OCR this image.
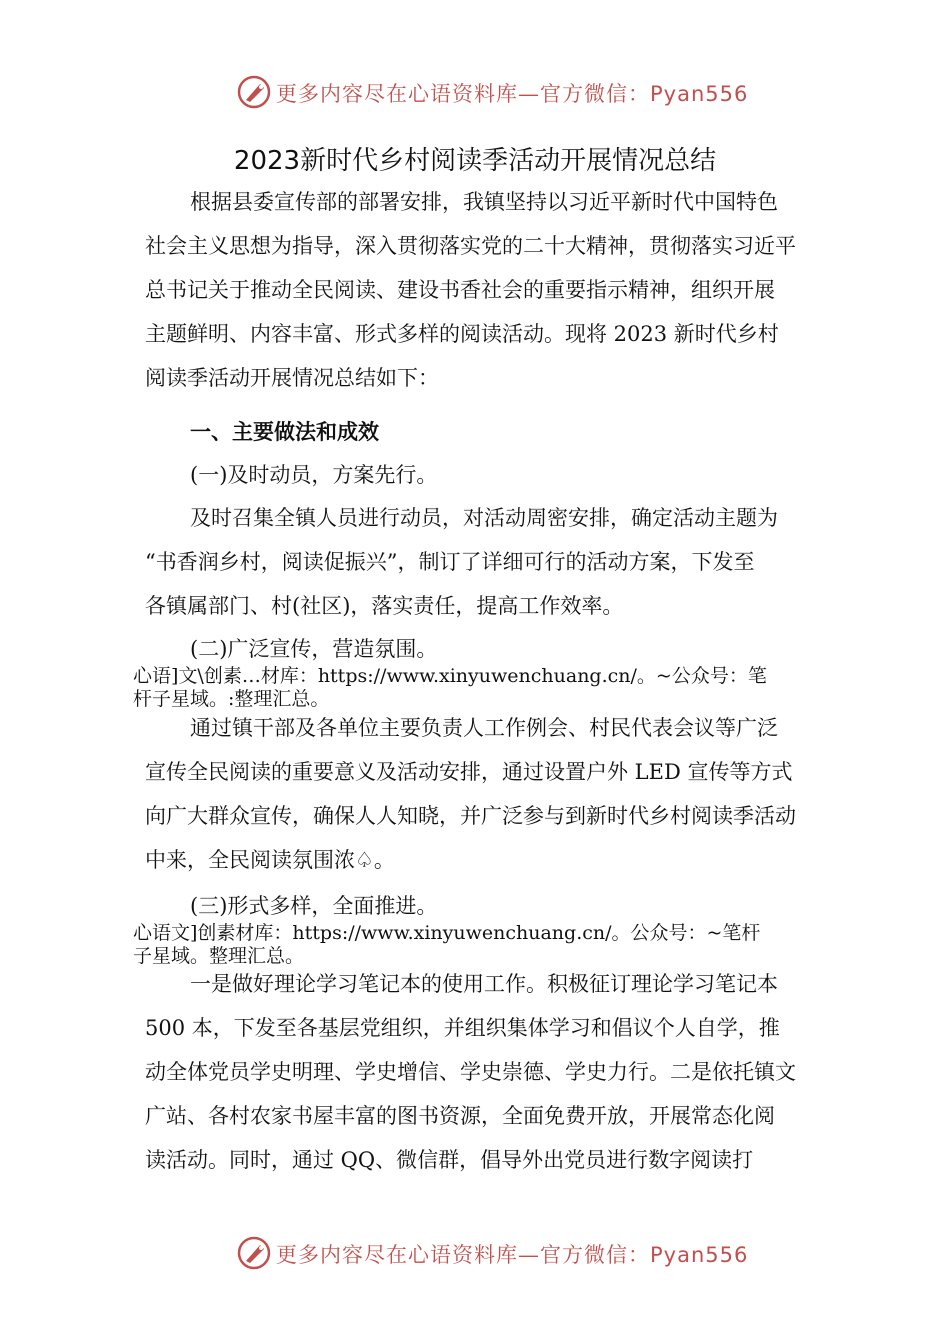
更多内容尽在心语资料库—官方微信：Pyan556
2023新时代乡村阅读季活动开展情况总结
根据县委宣传部的部署安排，我镇坚持以习近平新时代中国特色
社会主义思想为指导，深入贯彻落实党的二十大精神，贯彻落实习近平
总书记关于推动全民阅读、建设书香社会的重要指示精神，组织开展
主题鲜明、内容丰富、形式多样的阅读活动。现将 2023 新时代乡村
阅读季活动开展情况总结如下：
一、主要做法和成效
(一)及时动员，方案先行。
及时召集全镇人员进行动员，对活动周密安排，确定活动主题为
“书香润乡村，阅读促振兴”，制订了详细可行的活动方案，下发至
各镇属部门、村(社区)，落实责任，提高工作效率。
(二)广泛宣传，营造氛围。
心语]文\创素…材库：https://www.xinyuwenchuang.cn/。~公众号：笔
杆子星域。:整理汇总。
通过镇干部及各单位主要负责人工作例会、村民代表会议等广泛
宣传全民阅读的重要意义及活动安排，通过设置户外 LED 宣传等方式
向广大群众宣传，确保人人知晓，并广泛参与到新时代乡村阅读季活动
中来，全民阅读氛围浓♤。
(三)形式多样，全面推进。
心语文]创素材库：https://www.xinyuwenchuang.cn/。公众号：~笔杆
子星域。整理汇总。
一是做好理论学习笔记本的使用工作。积极征订理论学习笔记本
500 本，下发至各基层党组织，并组织集体学习和倡议个人自学，推
动全体党员学史明理、学史增信、学史崇德、学史力行。二是依托镇文
广站、各村农家书屋丰富的图书资源，全面免费开放，开展常态化阅
读活动。同时，通过 QQ、微信群，倡导外出党员进行数字阅读打
更多内容尽在心语资料库—官方微信：Pyan556
